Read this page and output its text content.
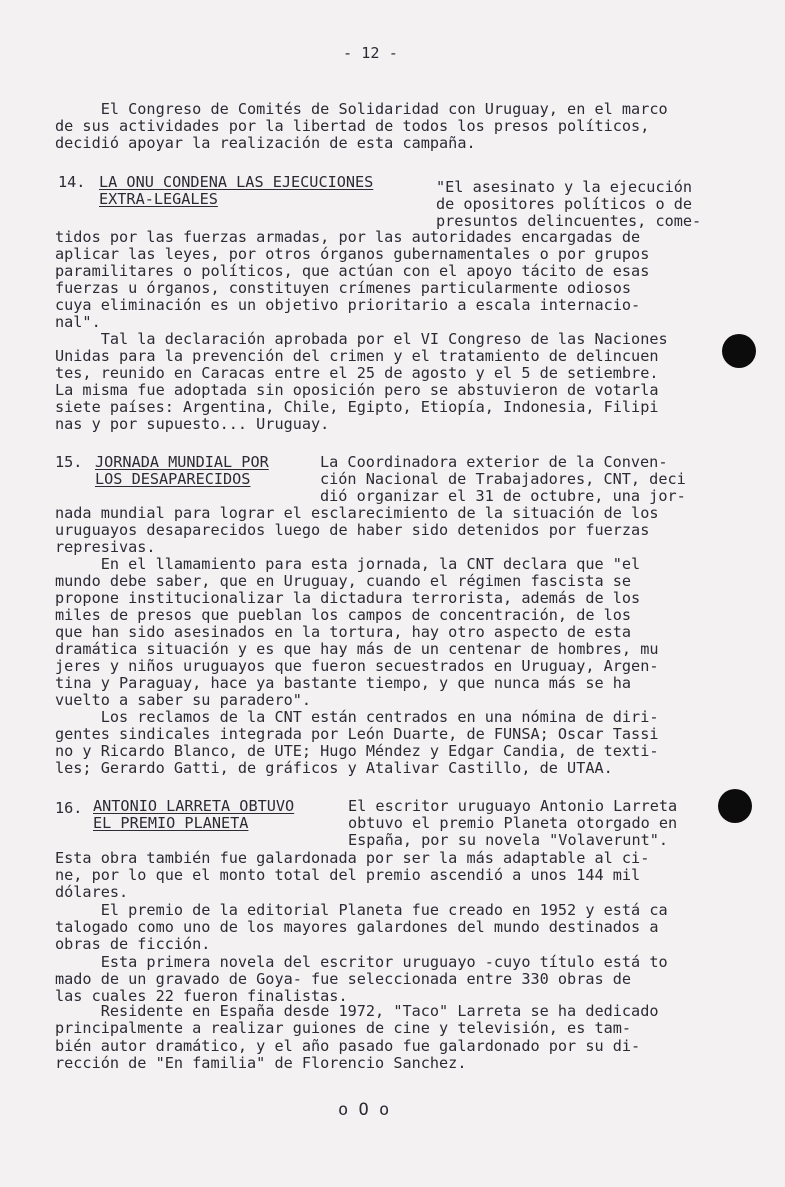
- 12 -
El Congreso de Comités de Solidaridad con Uruguay, en el marco
de sus actividades por la libertad de todos los presos políticos,
decidió apoyar la realización de esta campaña.
14. LA ONU CONDENA LAS EJECUCIONES
EXTRA-LEGALES
"El asesinato y la ejecución
de opositores políticos o de
presuntos delincuentes, come-
tidos por las fuerzas armadas, por las autoridades encargadas de
aplicar las leyes, por otros órganos gubernamentales o por grupos
paramilitares o políticos, que actúan con el apoyo tácito de esas
fuerzas u órganos, constituyen crímenes particularmente odiosos
cuya eliminación es un objetivo prioritario a escala internacio-
nal".
Tal la declaración aprobada por el VI Congreso de las Naciones
Unidas para la prevención del crimen y el tratamiento de delincuen
tes, reunido en Caracas entre el 25 de agosto y el 5 de setiembre.
La misma fue adoptada sin oposición pero se abstuvieron de votarla
siete países: Argentina, Chile, Egipto, Etiopía, Indonesia, Filipi
nas y por supuesto... Uruguay.
15. JORNADA MUNDIAL POR
LOS DESAPARECIDOS
La Coordinadora exterior de la Conven-
ción Nacional de Trabajadores, CNT, deci
dió organizar el 31 de octubre, una jor-
nada mundial para lograr el esclarecimiento de la situación de los
uruguayos desaparecidos luego de haber sido detenidos por fuerzas
represivas.
En el llamamiento para esta jornada, la CNT declara que "el
mundo debe saber, que en Uruguay, cuando el régimen fascista se
propone institucionalizar la dictadura terrorista, además de los
miles de presos que pueblan los campos de concentración, de los
que han sido asesinados en la tortura, hay otro aspecto de esta
dramática situación y es que hay más de un centenar de hombres, mu
jeres y niños uruguayos que fueron secuestrados en Uruguay, Argen-
tina y Paraguay, hace ya bastante tiempo, y que nunca más se ha
vuelto a saber su paradero".
Los reclamos de la CNT están centrados en una nómina de diri-
gentes sindicales integrada por León Duarte, de FUNSA; Oscar Tassi
no y Ricardo Blanco, de UTE; Hugo Méndez y Edgar Candia, de texti-
les; Gerardo Gatti, de gráficos y Atalivar Castillo, de UTAA.
16. ANTONIO LARRETA OBTUVO
EL PREMIO PLANETA
El escritor uruguayo Antonio Larreta
obtuvo el premio Planeta otorgado en
España, por su novela "Volaverunt".
Esta obra también fue galardonada por ser la más adaptable al ci-
ne, por lo que el monto total del premio ascendió a unos 144 mil
dólares.
El premio de la editorial Planeta fue creado en 1952 y está ca
talogado como uno de los mayores galardones del mundo destinados a
obras de ficción.
Esta primera novela del escritor uruguayo -cuyo título está to
mado de un gravado de Goya- fue seleccionada entre 330 obras de
las cuales 22 fueron finalistas.
Residente en España desde 1972, "Taco" Larreta se ha dedicado
principalmente a realizar guiones de cine y televisión, es tam-
bién autor dramático, y el año pasado fue galardonado por su di-
rección de "En familia" de Florencio Sanchez.
o O o
